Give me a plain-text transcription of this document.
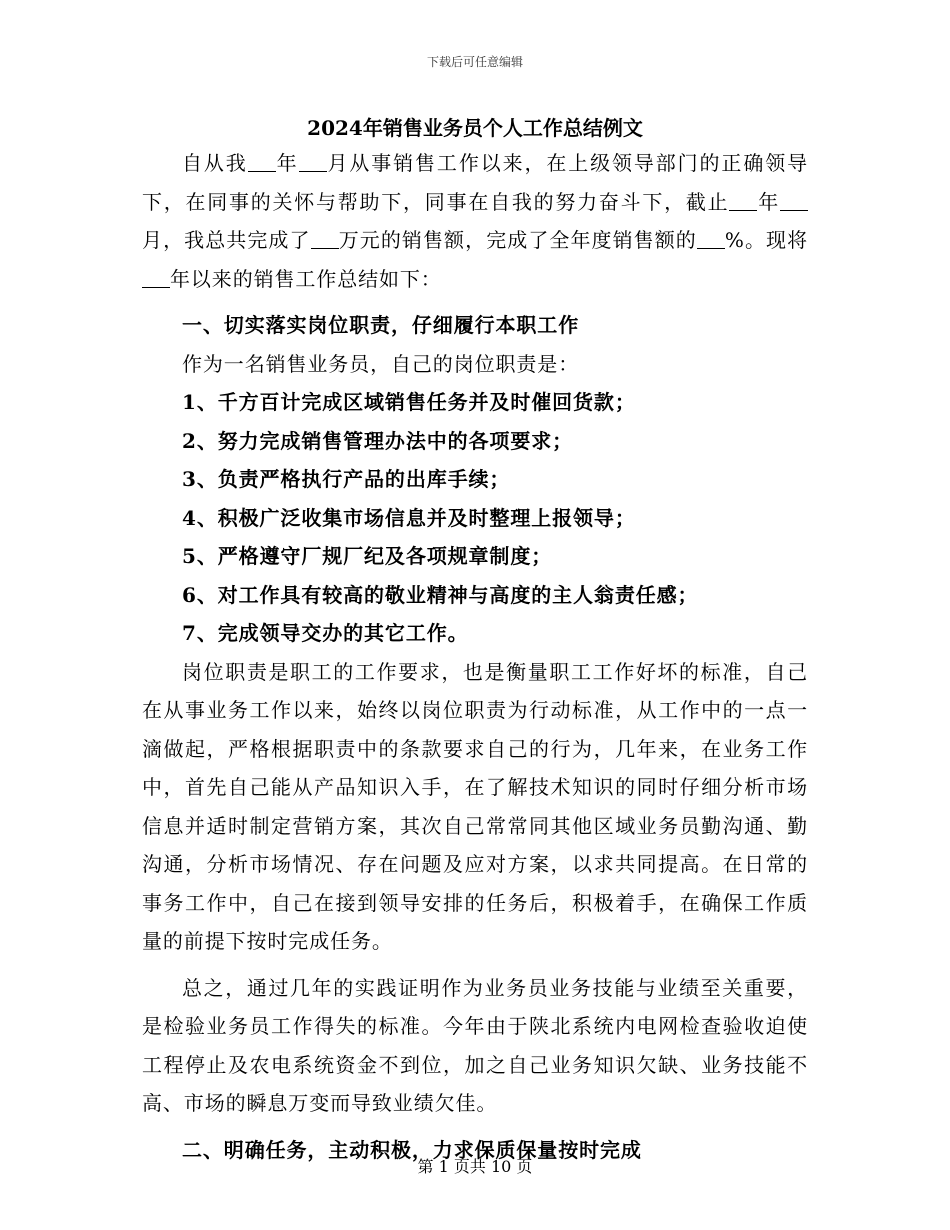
下载后可任意编辑
2024年销售业务员个人工作总结例文

自从我 年 月从事销售工作以来，在上级领导部门的正确领导下，在同事的关怀与帮助下，同事在自我的努力奋斗下，截止 年月，我总共完成了 万元的销售额，完成了全年度销售额的 %。现将年以来的销售工作总结如下：

一、切实落实岗位职责，仔细履行本职工作

作为一名销售业务员，自己的岗位职责是：

1、千方百计完成区域销售任务并及时催回货款；

2、努力完成销售管理办法中的各项要求；

3、负责严格执行产品的出库手续；

4、积极广泛收集市场信息并及时整理上报领导；

5、严格遵守厂规厂纪及各项规章制度；

6、对工作具有较高的敬业精神与高度的主人翁责任感；

7、完成领导交办的其它工作。

岗位职责是职工的工作要求，也是衡量职工工作好坏的标准，自己在从事业务工作以来，始终以岗位职责为行动标准，从工作中的一点一滴做起，严格根据职责中的条款要求自己的行为，几年来，在业务工作中，首先自己能从产品知识入手，在了解技术知识的同时仔细分析市场信息并适时制定营销方案，其次自己常常同其他区域业务员勤沟通、勤沟通，分析市场情况、存在问题及应对方案，以求共同提高。在日常的事务工作中，自己在接到领导安排的任务后，积极着手，在确保工作质量的前提下按时完成任务。

总之，通过几年的实践证明作为业务员业务技能与业绩至关重要，是检验业务员工作得失的标准。今年由于陕北系统内电网检查验收迫使工程停止及农电系统资金不到位，加之自己业务知识欠缺、业务技能不高、市场的瞬息万变而导致业绩欠佳。

二、明确任务，主动积极，力求保质保量按时完成

第 1 页共 10 页
